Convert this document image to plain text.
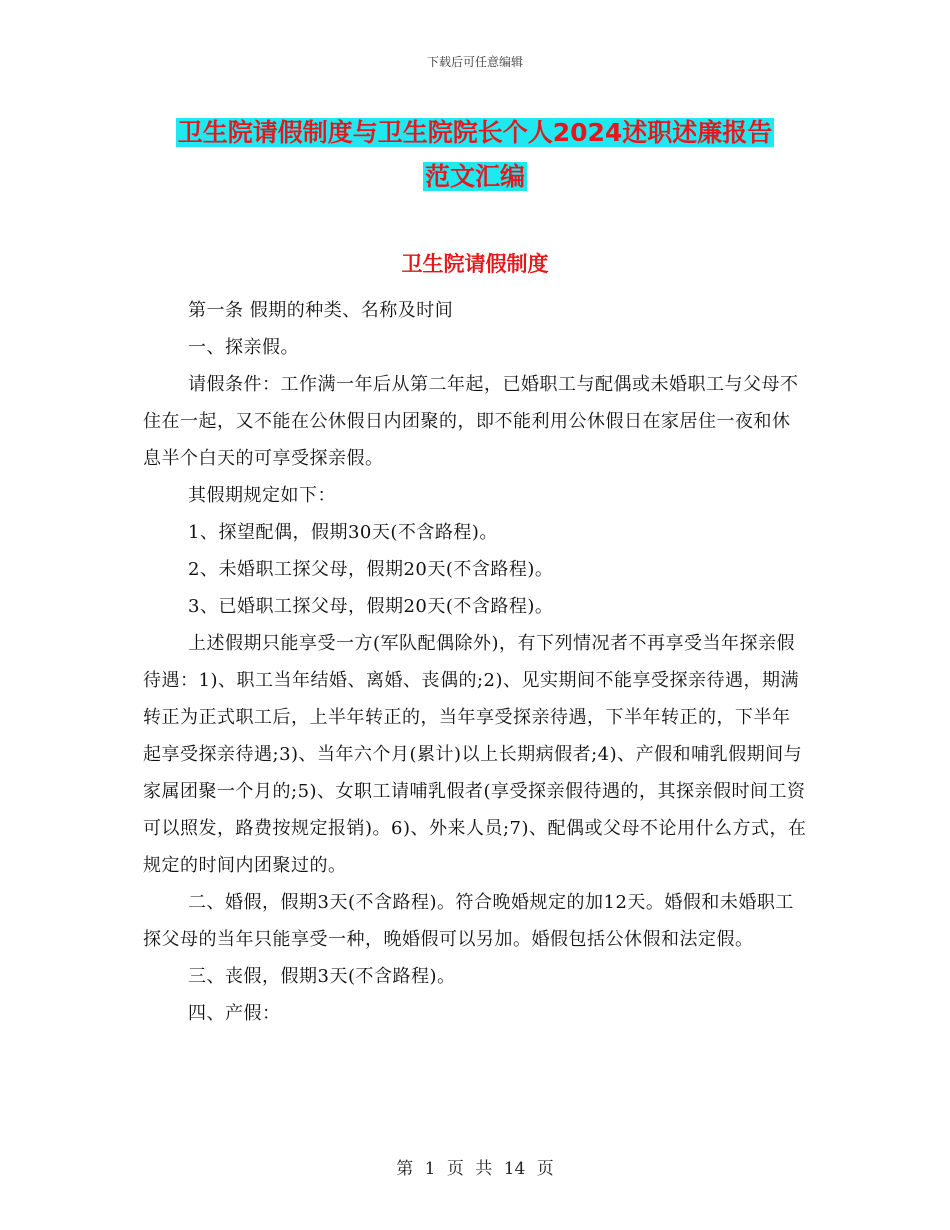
下载后可任意编辑
卫生院请假制度与卫生院院长个人2024述职述廉报告
范文汇编
卫生院请假制度

第一条 假期的种类、名称及时间

一、探亲假。

请假条件：工作满一年后从第二年起，已婚职工与配偶或未婚职工与父母不住在一起，又不能在公休假日内团聚的，即不能利用公休假日在家居住一夜和休息半个白天的可享受探亲假。

其假期规定如下：

1、探望配偶，假期30天(不含路程)。

2、未婚职工探父母，假期20天(不含路程)。

3、已婚职工探父母，假期20天(不含路程)。

上述假期只能享受一方(军队配偶除外)，有下列情况者不再享受当年探亲假待遇：1)、职工当年结婚、离婚、丧偶的;2)、见实期间不能享受探亲待遇，期满转正为正式职工后，上半年转正的，当年享受探亲待遇，下半年转正的，下半年起享受探亲待遇;3)、当年六个月(累计)以上长期病假者;4)、产假和哺乳假期间与家属团聚一个月的;5)、女职工请哺乳假者(享受探亲假待遇的，其探亲假时间工资可以照发，路费按规定报销)。6)、外来人员;7)、配偶或父母不论用什么方式，在规定的时间内团聚过的。

二、婚假，假期3天(不含路程)。符合晚婚规定的加12天。婚假和未婚职工探父母的当年只能享受一种，晚婚假可以另加。婚假包括公休假和法定假。

三、丧假，假期3天(不含路程)。

四、产假：

第 1 页 共 14 页
